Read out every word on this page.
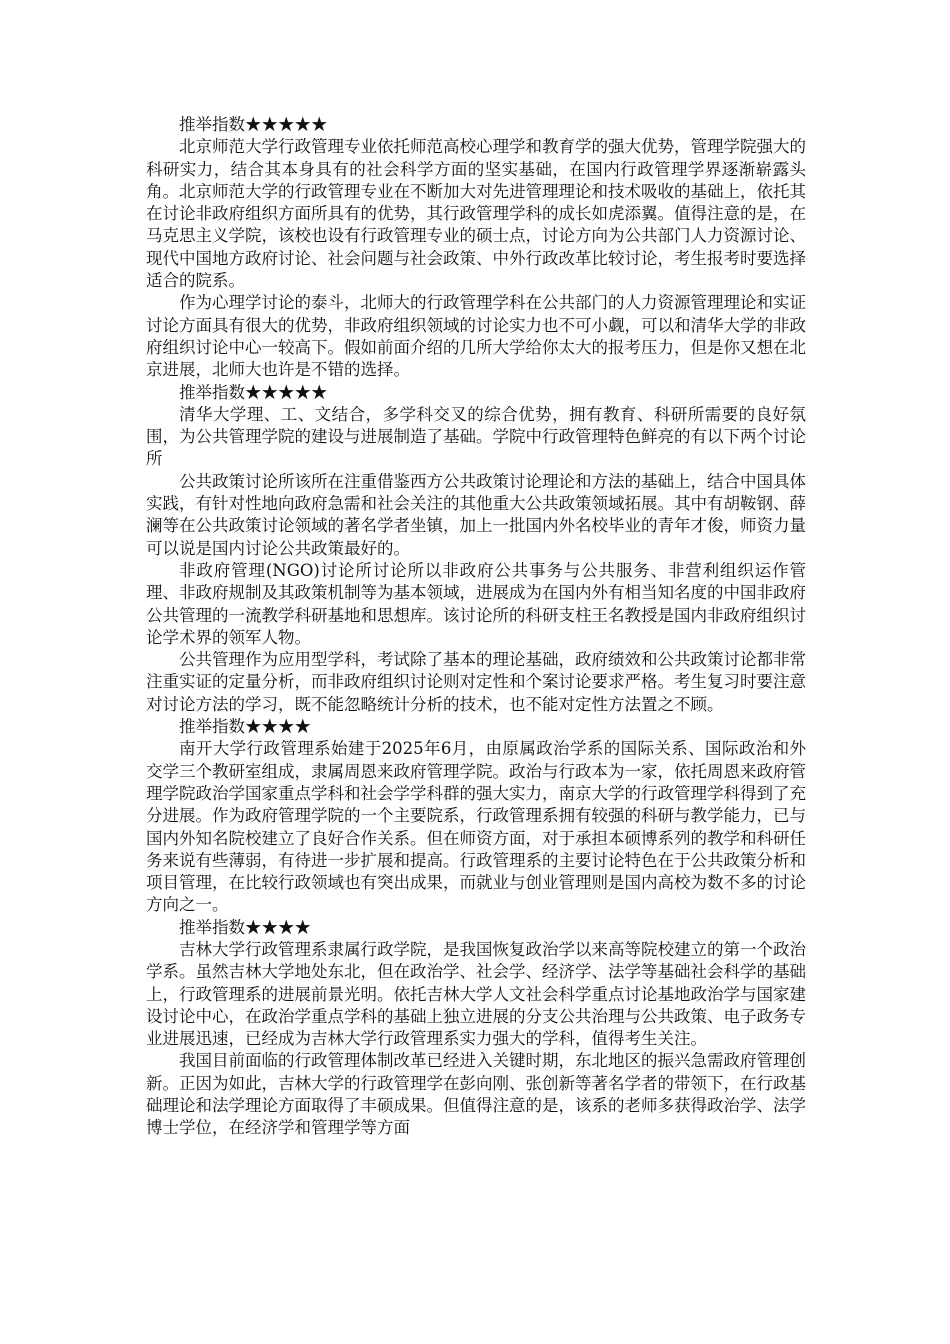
推举指数★★★★★

北京师范大学行政管理专业依托师范高校心理学和教育学的强大优势，管理学院强大的科研实力，结合其本身具有的社会科学方面的坚实基础，在国内行政管理学界逐渐崭露头角。北京师范大学的行政管理专业在不断加大对先进管理理论和技术吸收的基础上，依托其在讨论非政府组织方面所具有的优势，其行政管理学科的成长如虎添翼。值得注意的是，在马克思主义学院，该校也设有行政管理专业的硕士点，讨论方向为公共部门人力资源讨论、现代中国地方政府讨论、社会问题与社会政策、中外行政改革比较讨论，考生报考时要选择适合的院系。

作为心理学讨论的泰斗，北师大的行政管理学科在公共部门的人力资源管理理论和实证讨论方面具有很大的优势，非政府组织领域的讨论实力也不可小觑，可以和清华大学的非政府组织讨论中心一较高下。假如前面介绍的几所大学给你太大的报考压力，但是你又想在北京进展，北师大也许是不错的选择。

推举指数★★★★★

清华大学理、工、文结合，多学科交叉的综合优势，拥有教育、科研所需要的良好氛围，为公共管理学院的建设与进展制造了基础。学院中行政管理特色鲜亮的有以下两个讨论所

公共政策讨论所该所在注重借鉴西方公共政策讨论理论和方法的基础上，结合中国具体实践，有针对性地向政府急需和社会关注的其他重大公共政策领域拓展。其中有胡鞍钢、薛澜等在公共政策讨论领域的著名学者坐镇，加上一批国内外名校毕业的青年才俊，师资力量可以说是国内讨论公共政策最好的。

非政府管理(NGO)讨论所讨论所以非政府公共事务与公共服务、非营利组织运作管理、非政府规制及其政策机制等为基本领域，进展成为在国内外有相当知名度的中国非政府公共管理的一流教学科研基地和思想库。该讨论所的科研支柱王名教授是国内非政府组织讨论学术界的领军人物。

公共管理作为应用型学科，考试除了基本的理论基础，政府绩效和公共政策讨论都非常注重实证的定量分析，而非政府组织讨论则对定性和个案讨论要求严格。考生复习时要注意对讨论方法的学习，既不能忽略统计分析的技术，也不能对定性方法置之不顾。

推举指数★★★★

南开大学行政管理系始建于2025年6月，由原属政治学系的国际关系、国际政治和外交学三个教研室组成，隶属周恩来政府管理学院。政治与行政本为一家，依托周恩来政府管理学院政治学国家重点学科和社会学学科群的强大实力，南京大学的行政管理学科得到了充分进展。作为政府管理学院的一个主要院系，行政管理系拥有较强的科研与教学能力，已与国内外知名院校建立了良好合作关系。但在师资方面，对于承担本硕博系列的教学和科研任务来说有些薄弱，有待进一步扩展和提高。行政管理系的主要讨论特色在于公共政策分析和项目管理，在比较行政领域也有突出成果，而就业与创业管理则是国内高校为数不多的讨论方向之一。

推举指数★★★★

吉林大学行政管理系隶属行政学院，是我国恢复政治学以来高等院校建立的第一个政治学系。虽然吉林大学地处东北，但在政治学、社会学、经济学、法学等基础社会科学的基础上，行政管理系的进展前景光明。依托吉林大学人文社会科学重点讨论基地政治学与国家建设讨论中心，在政治学重点学科的基础上独立进展的分支公共治理与公共政策、电子政务专业进展迅速，已经成为吉林大学行政管理系实力强大的学科，值得考生关注。

我国目前面临的行政管理体制改革已经进入关键时期，东北地区的振兴急需政府管理创新。正因为如此，吉林大学的行政管理学在彭向刚、张创新等著名学者的带领下，在行政基础理论和法学理论方面取得了丰硕成果。但值得注意的是，该系的老师多获得政治学、法学博士学位，在经济学和管理学等方面
